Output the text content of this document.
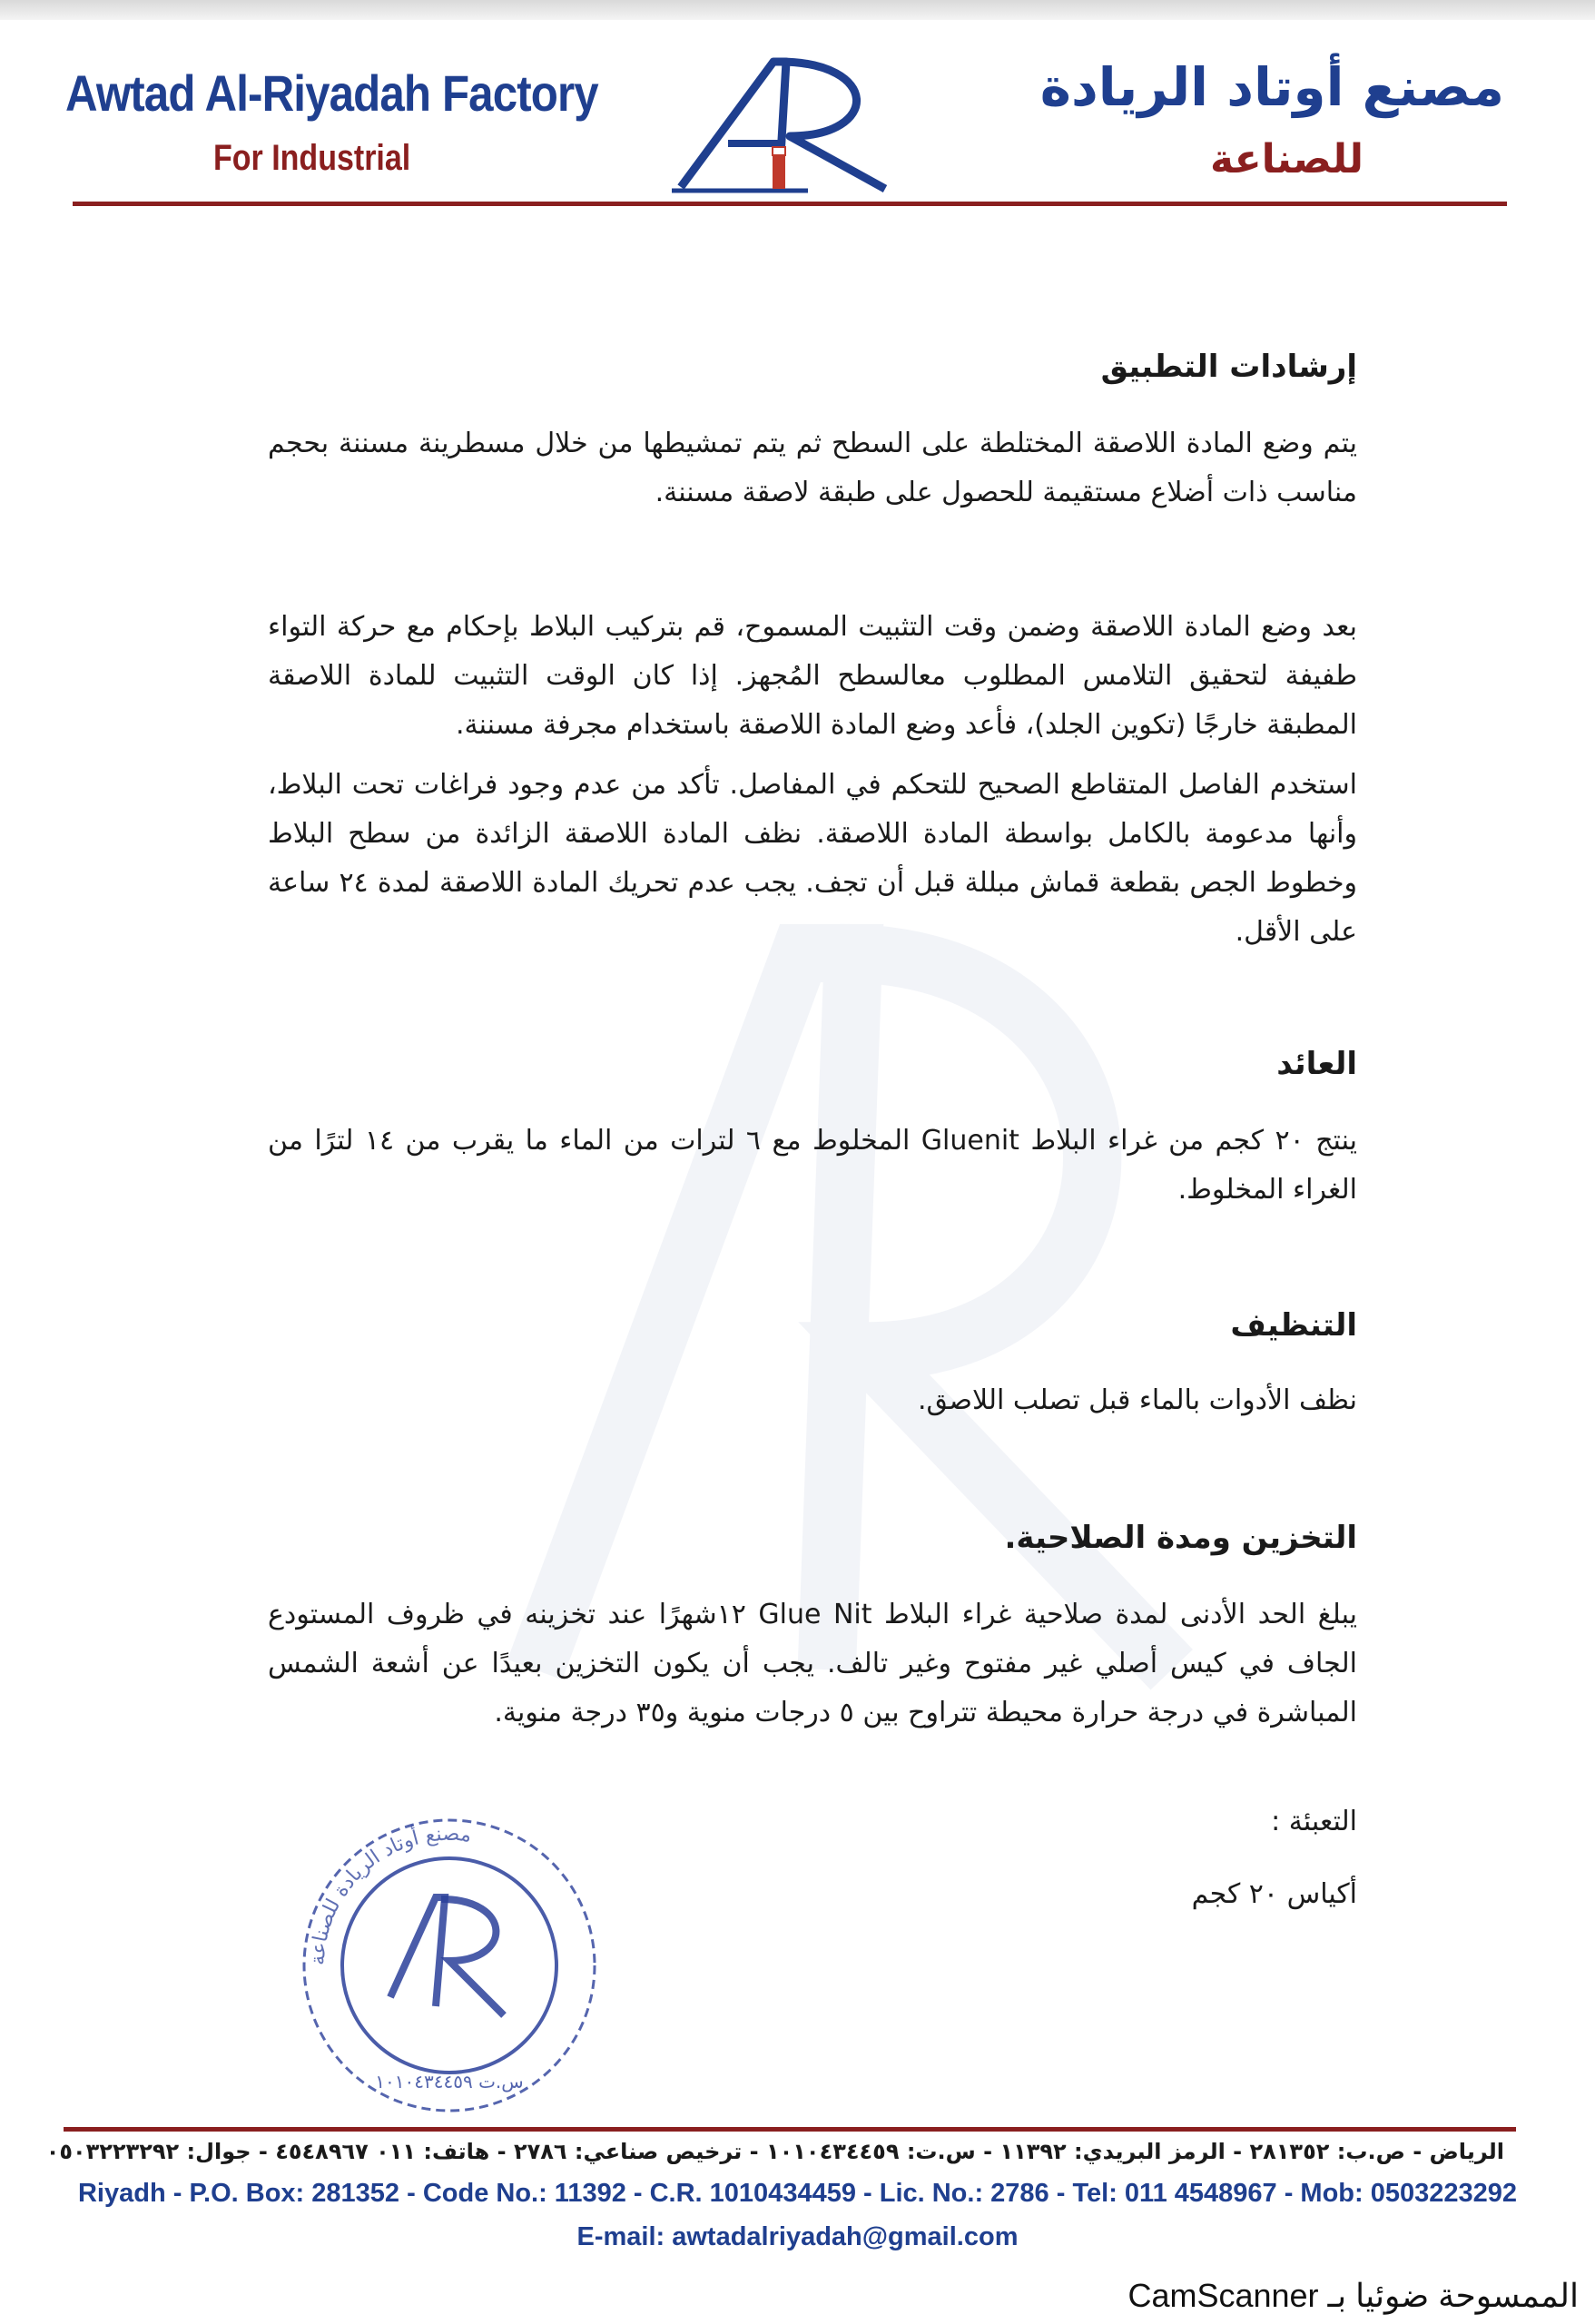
Awtad Al-Riyadah Factory
For Industrial
مصنع أوتاد الريادة
للصناعة
إرشادات التطبيق
يتم وضع المادة اللاصقة المختلطة على السطح ثم يتم تمشيطها من خلال مسطرينة مسننة بحجم مناسب ذات أضلاع مستقيمة للحصول على طبقة لاصقة مسننة.
بعد وضع المادة اللاصقة وضمن وقت التثبيت المسموح، قم بتركيب البلاط بإحكام مع حركة التواء طفيفة لتحقيق التلامس المطلوب معالسطح المُجهز. إذا كان الوقت التثبيت للمادة اللاصقة المطبقة خارجًا (تكوين الجلد)، فأعد وضع المادة اللاصقة باستخدام مجرفة مسننة.
استخدم الفاصل المتقاطع الصحيح للتحكم في المفاصل. تأكد من عدم وجود فراغات تحت البلاط، وأنها مدعومة بالكامل بواسطة المادة اللاصقة. نظف المادة اللاصقة الزائدة من سطح البلاط وخطوط الجص بقطعة قماش مبللة قبل أن تجف. يجب عدم تحريك المادة اللاصقة لمدة ٢٤ ساعة على الأقل.
العائد
ينتج ٢٠ كجم من غراء البلاط Gluenit المخلوط مع ٦ لترات من الماء ما يقرب من ١٤ لترًا من الغراء المخلوط.
التنظيف
نظف الأدوات بالماء قبل تصلب اللاصق.
التخزين ومدة الصلاحية.
يبلغ الحد الأدنى لمدة صلاحية غراء البلاط Glue Nit ١٢شهرًا عند تخزينه في ظروف المستودع الجاف في كيس أصلي غير مفتوح وغير تالف. يجب أن يكون التخزين بعيدًا عن أشعة الشمس المباشرة في درجة حرارة محيطة تتراوح بين ٥ درجات منوية و٣٥ درجة منوية.
التعبئة :
أكياس ٢٠ كجم
مصنع أوتاد الريادة للصناعة
س.ت ١٠١٠٤٣٤٤٥٩
الرياض - ص.ب: ٢٨١٣٥٢ - الرمز البريدي: ١١٣٩٢ - س.ت: ١٠١٠٤٣٤٤٥٩ - ترخيص صناعي: ٢٧٨٦ - هاتف: ٠١١ ٤٥٤٨٩٦٧ - جوال: ٠٥٠٣٢٢٣٢٩٢
Riyadh - P.O. Box: 281352 - Code No.: 11392 - C.R. 1010434459 - Lic. No.: 2786 - Tel: 011 4548967 - Mob: 0503223292
E-mail: awtadalriyadah@gmail.com
الممسوحة ضوئيا بـ CamScanner
